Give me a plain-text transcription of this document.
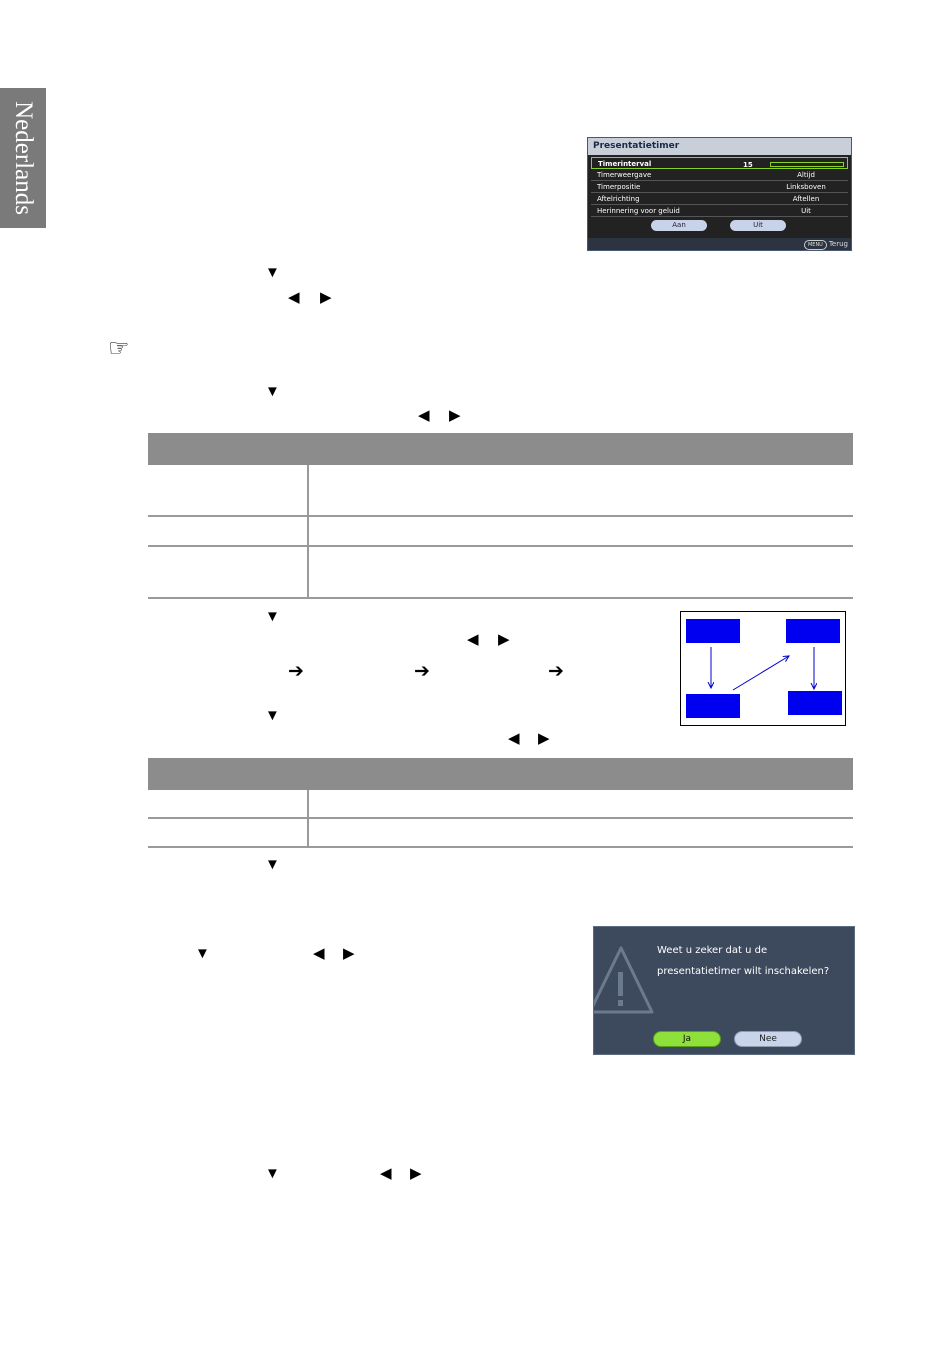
Nederlands	Presentatietimer
Timerinterval	15
Timerweergave	Altijd
Timerpositie	Linksboven
Aftelrichting	Aftellen
Herinnering voor geluid	Uit
Aan	Uit
MENU Terug
▼
◀ ▶
☞
▼
◀ ▶
▼
◀ ▶
➔	➔	➔
▼
◀ ▶
▼
▼	◀ ▶	Weet u zeker dat u de
presentatietimer wilt inschakelen?
Ja	Nee
▼	◀ ▶
